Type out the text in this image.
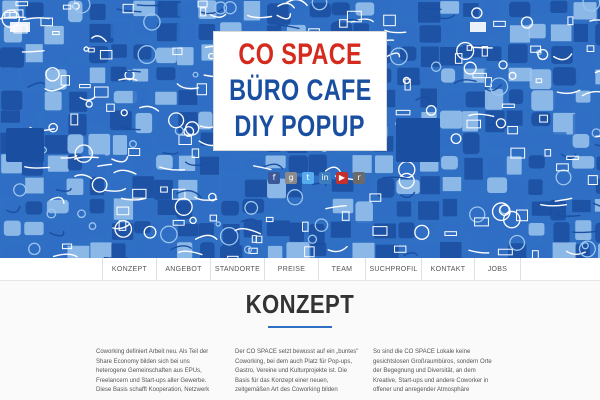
CO SPACE
BÜRO CAFE
DIY POPUP
f	g	t	in	▶	r
KONZEPT	ANGEBOT	STANDORTE	PREISE	TEAM	SUCHPROFIL	KONTAKT	JOBS
KONZEPT

Coworking definiert Arbeit neu. Als Teil der Share Economy bilden sich bei uns heterogene Gemeinschaften aus EPUs, Freelancern und Start-ups aller Gewerbe. Diese Basis schafft Kooperation, Netzwerk

Der CO SPACE setzt bewusst auf ein „buntes" Coworking, bei dem auch Platz für Pop-ups, Gastro, Vereine und Kulturprojekte ist. Die Basis für das Konzept einer neuen, zeitgemäßen Art des Coworking bilden

So sind die CO SPACE Lokale keine gesichtslosen Großraumbüros, sondern Orte der Begegnung und Diversität, an dem Kreative, Start-ups und andere Coworker in offener und anregender Atmosphäre
